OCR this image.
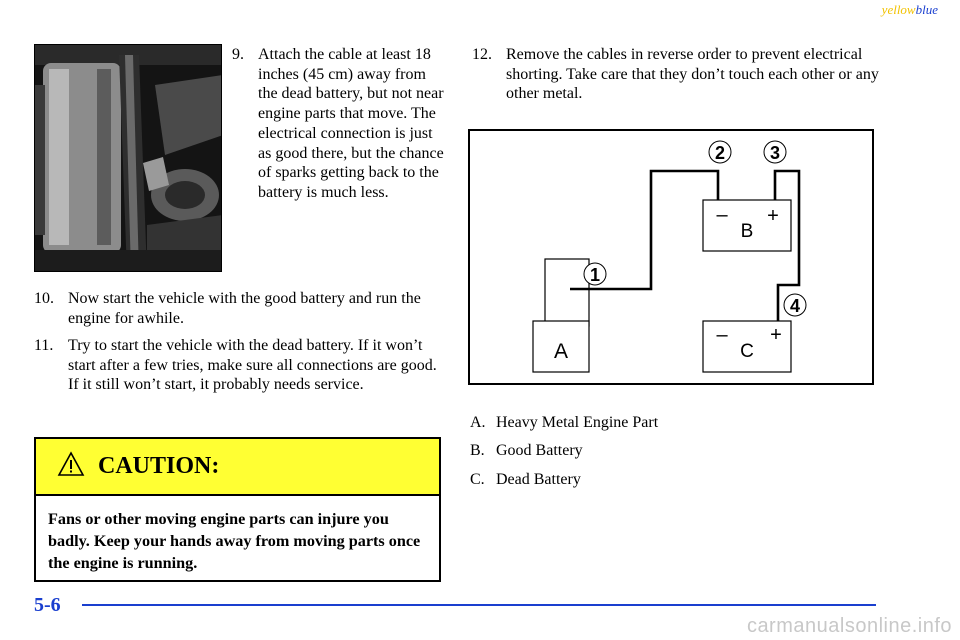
yellowblue
9. Attach the cable at least 18 inches (45 cm) away from the dead battery, but not near engine parts that move. The electrical connection is just as good there, but the chance of sparks getting back to the battery is much less.
10. Now start the vehicle with the good battery and run the engine for awhile.
11. Try to start the vehicle with the dead battery. If it won’t start after a few tries, make sure all connections are good. If it still won’t start, it probably needs service.
12. Remove the cables in reverse order to prevent electrical shorting. Take care that they don’t touch each other or any other metal.
CAUTION:
Fans or other moving engine parts can injure you badly. Keep your hands away from moving parts once the engine is running.
A
– +
B
– +
C
1
2 3
4
A. Heavy Metal Engine Part
B. Good Battery
C. Dead Battery
5-6
carmanualsonline.info
